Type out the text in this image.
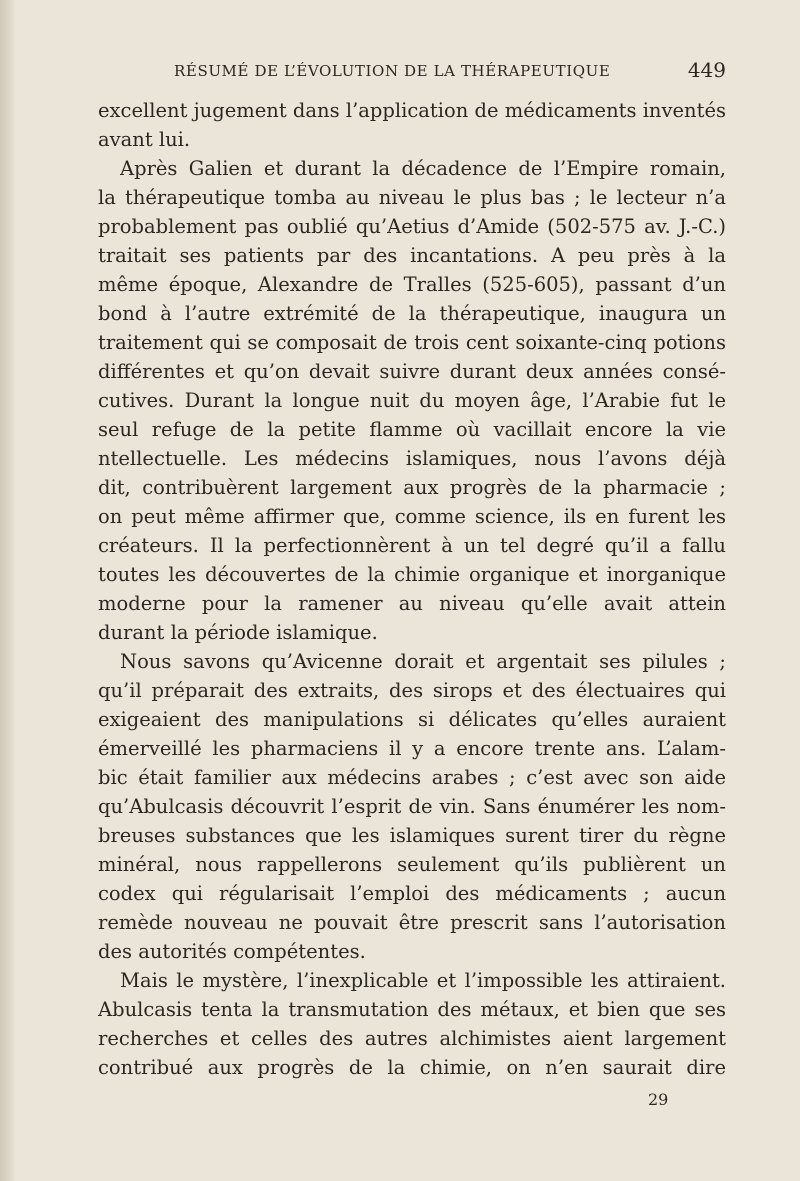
RÉSUMÉ DE L’ÉVOLUTION DE LA THÉRAPEUTIQUE	449
excellent jugement dans l’application de médicaments inventés
avant lui.
Après Galien et durant la décadence de l’Empire romain,
la thérapeutique tomba au niveau le plus bas ; le lecteur n’a
probablement pas oublié qu’Aetius d’Amide (502-575 av. J.-C.)
traitait ses patients par des incantations. A peu près à la
même époque, Alexandre de Tralles (525-605), passant d’un
bond à l’autre extrémité de la thérapeutique, inaugura un
traitement qui se composait de trois cent soixante-cinq potions
différentes et qu’on devait suivre durant deux années consé-
cutives. Durant la longue nuit du moyen âge, l’Arabie fut le
seul refuge de la petite flamme où vacillait encore la vie
ntellectuelle. Les médecins islamiques, nous l’avons déjà
dit, contribuèrent largement aux progrès de la pharmacie ;
on peut même affirmer que, comme science, ils en furent les
créateurs. Il la perfectionnèrent à un tel degré qu’il a fallu
toutes les découvertes de la chimie organique et inorganique
moderne pour la ramener au niveau qu’elle avait attein
durant la période islamique.
Nous savons qu’Avicenne dorait et argentait ses pilules ;
qu’il préparait des extraits, des sirops et des électuaires qui
exigeaient des manipulations si délicates qu’elles auraient
émerveillé les pharmaciens il y a encore trente ans. L’alam-
bic était familier aux médecins arabes ; c’est avec son aide
qu’Abulcasis découvrit l’esprit de vin. Sans énumérer les nom-
breuses substances que les islamiques surent tirer du règne
minéral, nous rappellerons seulement qu’ils publièrent un
codex qui régularisait l’emploi des médicaments ; aucun
remède nouveau ne pouvait être prescrit sans l’autorisation
des autorités compétentes.
Mais le mystère, l’inexplicable et l’impossible les attiraient.
Abulcasis tenta la transmutation des métaux, et bien que ses
recherches et celles des autres alchimistes aient largement
contribué aux progrès de la chimie, on n’en saurait dire
29
